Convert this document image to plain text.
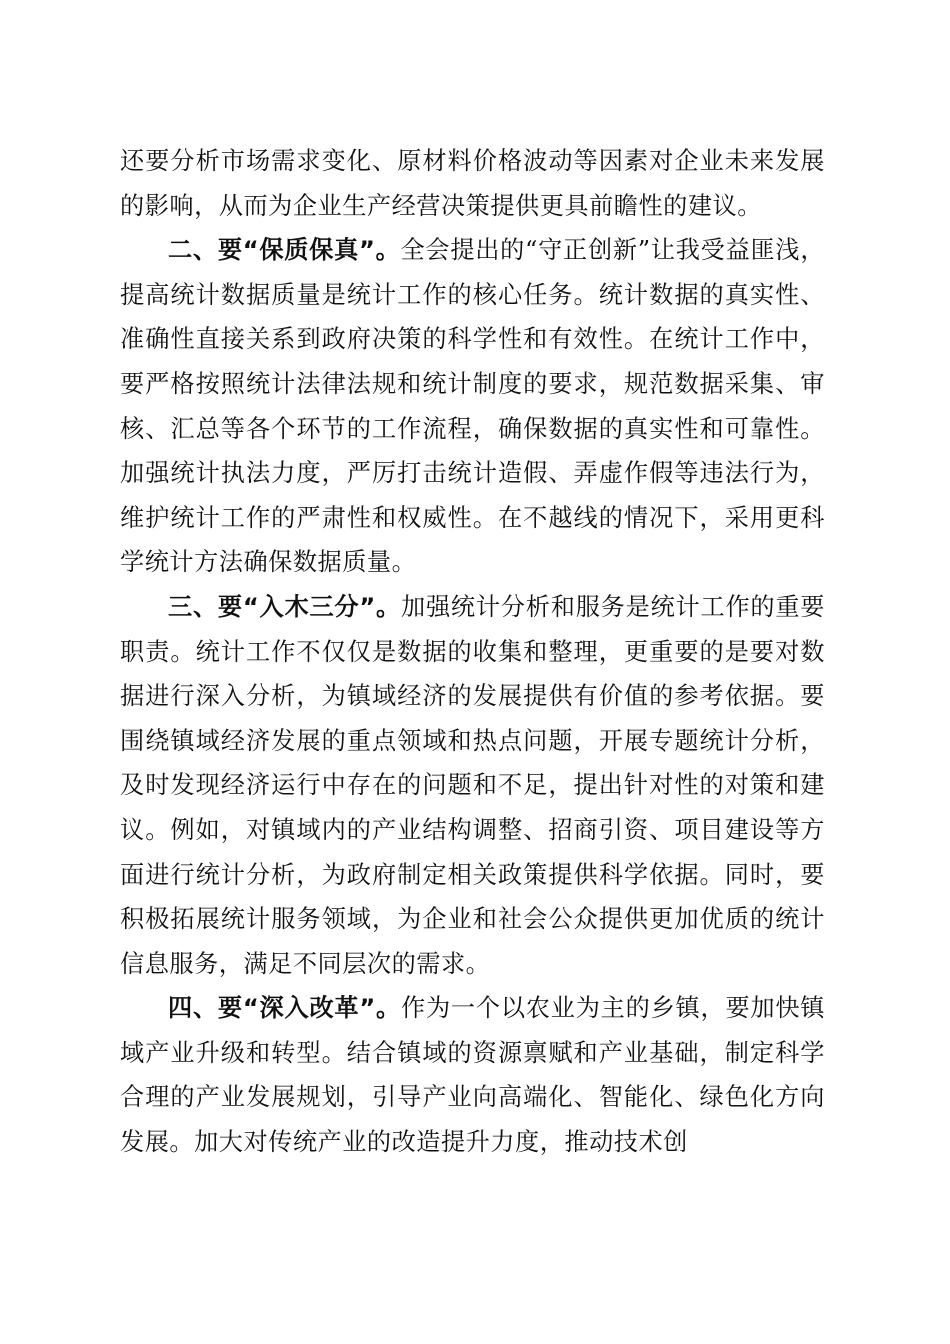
还要分析市场需求变化、原材料价格波动等因素对企业未来发展的影响，从而为企业生产经营决策提供更具前瞻性的建议。

二、要“保质保真”。全会提出的“守正创新”让我受益匪浅，提高统计数据质量是统计工作的核心任务。统计数据的真实性、准确性直接关系到政府决策的科学性和有效性。在统计工作中，要严格按照统计法律法规和统计制度的要求，规范数据采集、审核、汇总等各个环节的工作流程，确保数据的真实性和可靠性。加强统计执法力度，严厉打击统计造假、弄虚作假等违法行为，维护统计工作的严肃性和权威性。在不越线的情况下，采用更科学统计方法确保数据质量。

三、要“入木三分”。加强统计分析和服务是统计工作的重要职责。统计工作不仅仅是数据的收集和整理，更重要的是要对数据进行深入分析，为镇域经济的发展提供有价值的参考依据。要围绕镇域经济发展的重点领域和热点问题，开展专题统计分析，及时发现经济运行中存在的问题和不足，提出针对性的对策和建议。例如，对镇域内的产业结构调整、招商引资、项目建设等方面进行统计分析，为政府制定相关政策提供科学依据。同时，要积极拓展统计服务领域，为企业和社会公众提供更加优质的统计信息服务，满足不同层次的需求。

四、要“深入改革”。作为一个以农业为主的乡镇，要加快镇域产业升级和转型。结合镇域的资源禀赋和产业基础，制定科学合理的产业发展规划，引导产业向高端化、智能化、绿色化方向发展。加大对传统产业的改造提升力度，推动技术创
